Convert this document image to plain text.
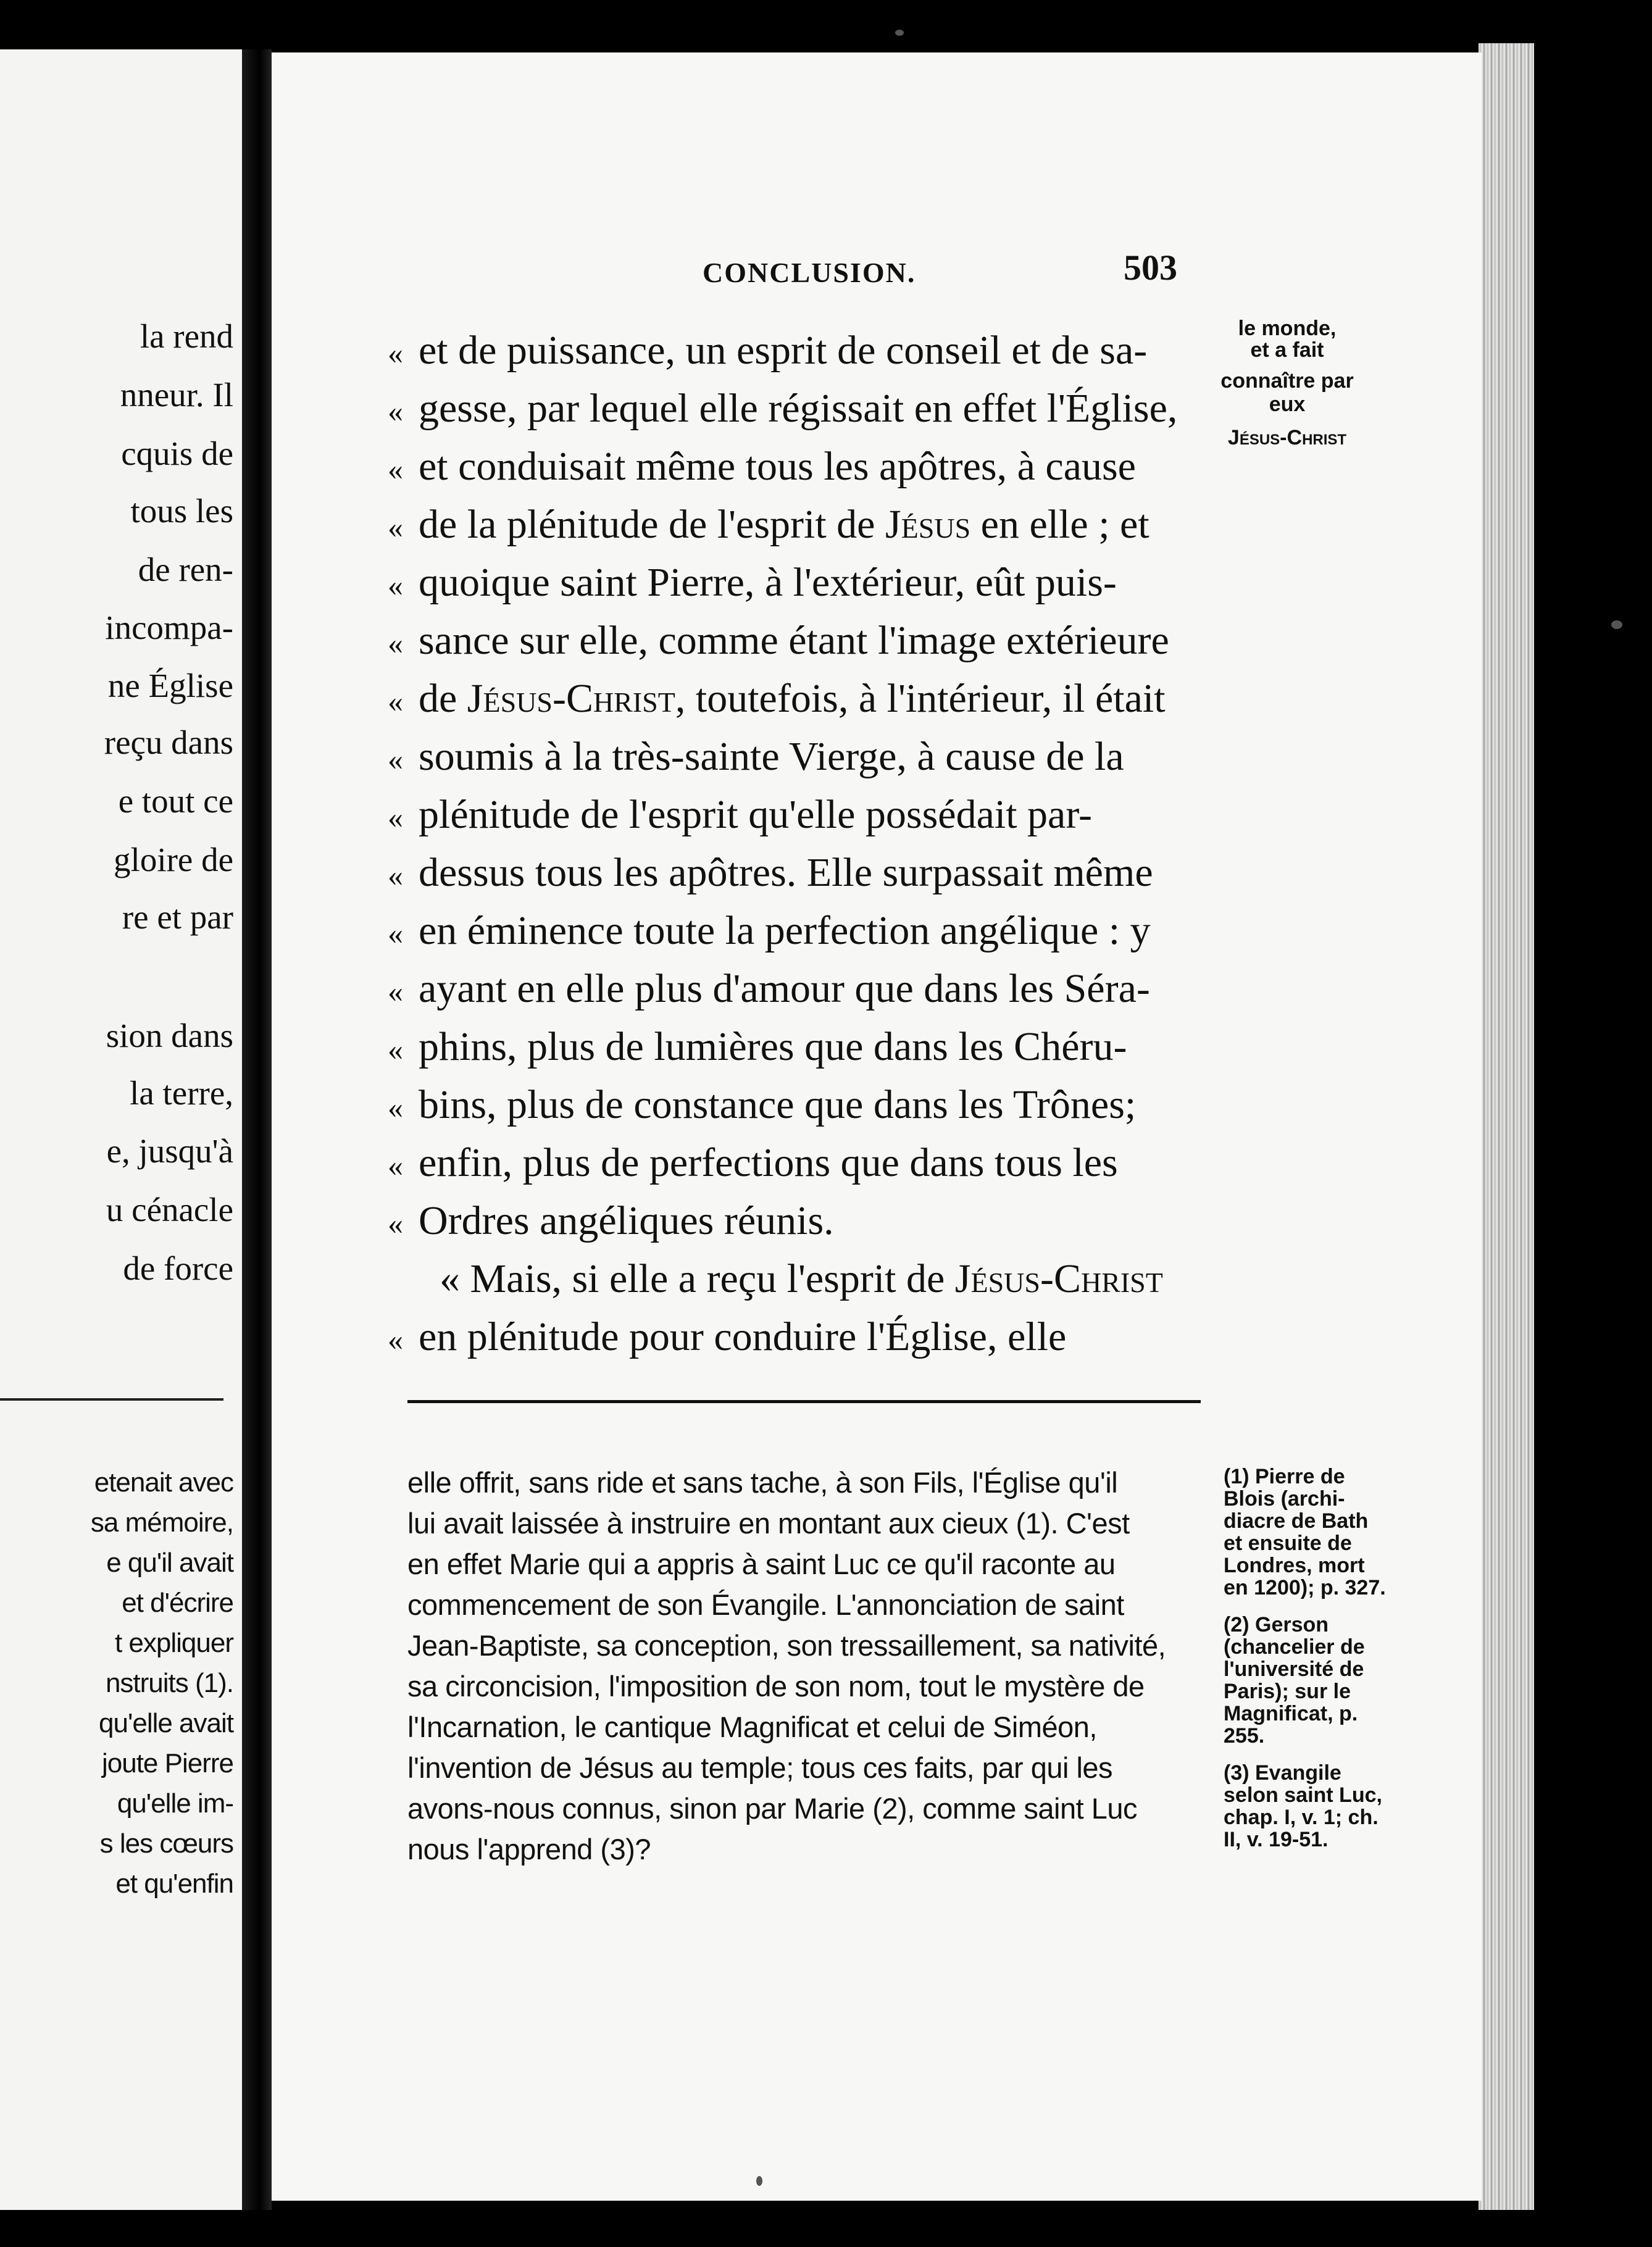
la rend
nneur. Il
cquis de
tous les
de ren-
incompa-
ne Église
reçu dans
e tout ce
gloire de
re et par
sion dans
la terre,
e, jusqu'à
u cénacle
de force
etenait avec
sa mémoire,
e qu'il avait
et d'écrire
t expliquer
nstruits (1).
qu'elle avait
joute Pierre
qu'elle im-
s les cœurs
et qu'enfin
CONCLUSION.	503
« et de puissance, un esprit de conseil et de sa-
« gesse, par lequel elle régissait en effet l'Église,
« et conduisait même tous les apôtres, à cause
« de la plénitude de l'esprit de Jésus en elle ; et
« quoique saint Pierre, à l'extérieur, eût puis-
« sance sur elle, comme étant l'image extérieure
« de Jésus-Christ, toutefois, à l'intérieur, il était
« soumis à la très-sainte Vierge, à cause de la
« plénitude de l'esprit qu'elle possédait par-
« dessus tous les apôtres. Elle surpassait même
« en éminence toute la perfection angélique : y
« ayant en elle plus d'amour que dans les Séra-
« phins, plus de lumières que dans les Chéru-
« bins, plus de constance que dans les Trônes;
« enfin, plus de perfections que dans tous les
« Ordres angéliques réunis.
« Mais, si elle a reçu l'esprit de Jésus-Christ
« en plénitude pour conduire l'Église, elle
le monde,
et a fait
connaître par
eux
Jésus-Christ
elle offrit, sans ride et sans tache, à son Fils, l'Église qu'il
lui avait laissée à instruire en montant aux cieux (1). C'est
en effet Marie qui a appris à saint Luc ce qu'il raconte au
commencement de son Évangile. L'annonciation de saint
Jean-Baptiste, sa conception, son tressaillement, sa nativité,
sa circoncision, l'imposition de son nom, tout le mystère de
l'Incarnation, le cantique Magnificat et celui de Siméon,
l'invention de Jésus au temple; tous ces faits, par qui les
avons-nous connus, sinon par Marie (2), comme saint Luc
nous l'apprend (3)?
(1) Pierre de
Blois (archi-
diacre de Bath
et ensuite de
Londres, mort
en 1200); p. 327.
(2) Gerson
(chancelier de
l'université de
Paris); sur le
Magnificat, p.
255.
(3) Evangile
selon saint Luc,
chap. I, v. 1; ch.
II, v. 19-51.
